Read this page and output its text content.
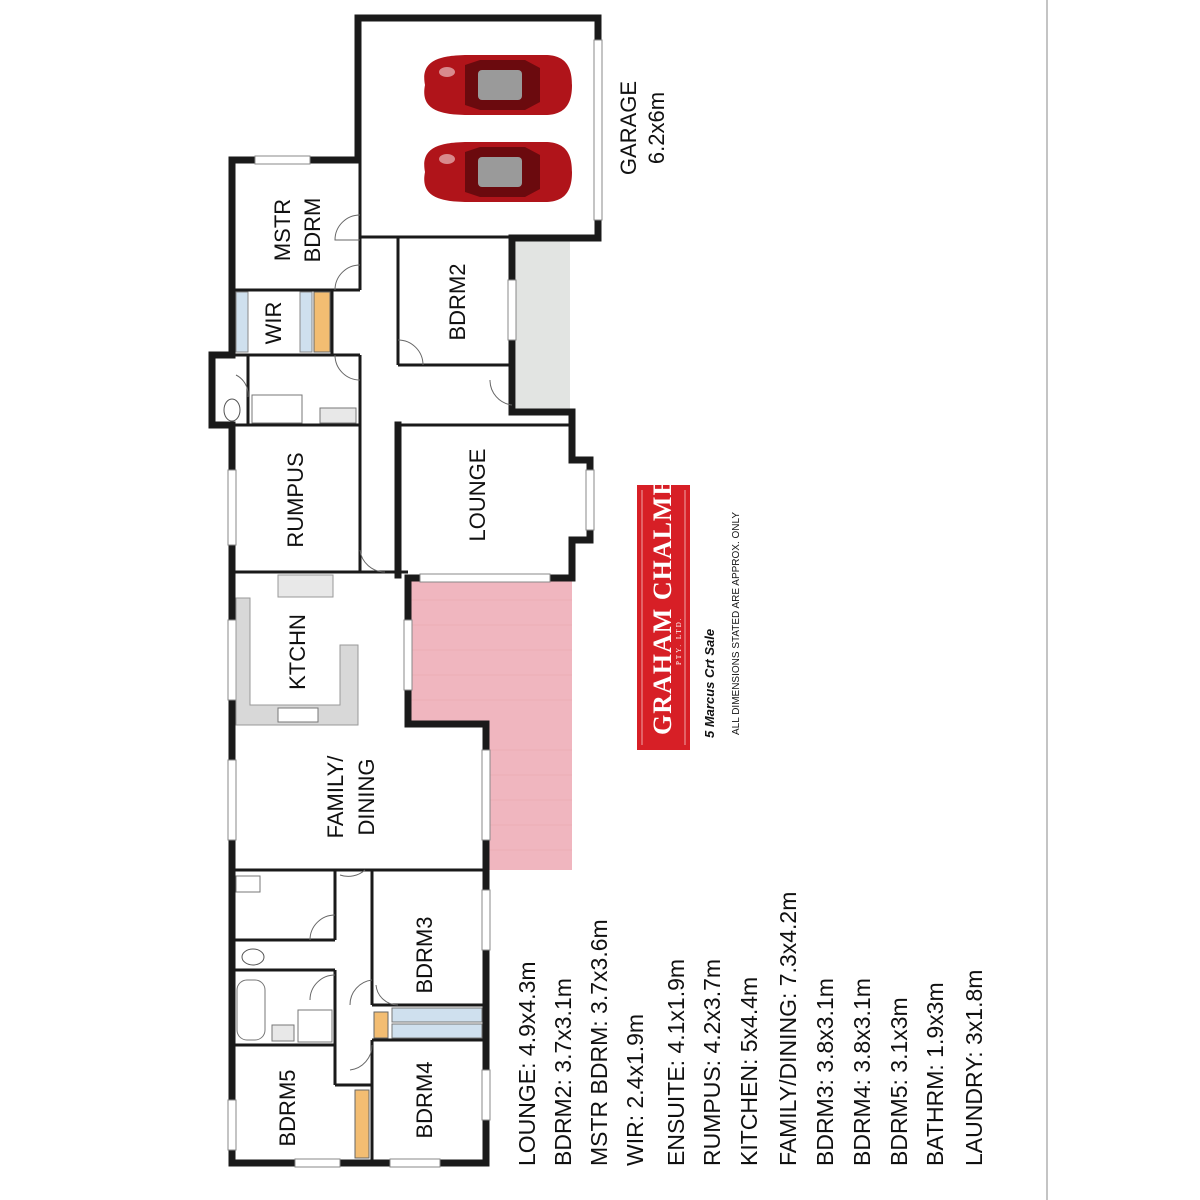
GARAGE 6.2x6m
MSTR BDRM
WIR	BDRM2
RUMPUS	LOUNGE
KTCHN
FAMILY/ DINING
BDRM3
BDRM4
BDRM5	LOUNGE: 4.9x4.3m BDRM2: 3.7x3.1m MSTR BDRM: 3.7x3.6m WIR: 2.4x1.9m ENSUITE: 4.1x1.9m RUMPUS: 4.2x3.7m KITCHEN: 5x4.4m FAMILY/DINING: 7.3x4.2m BDRM3: 3.8x3.1m BDRM4: 3.8x3.1m BDRM5: 3.1x3m BATHRM: 1.9x3m LAUNDRY: 3x1.8m
GRAHAM CHALMER
PTY. LTD. 5 Marcus Crt Sale ALL DIMENSIONS STATED ARE APPROX. ONLY
